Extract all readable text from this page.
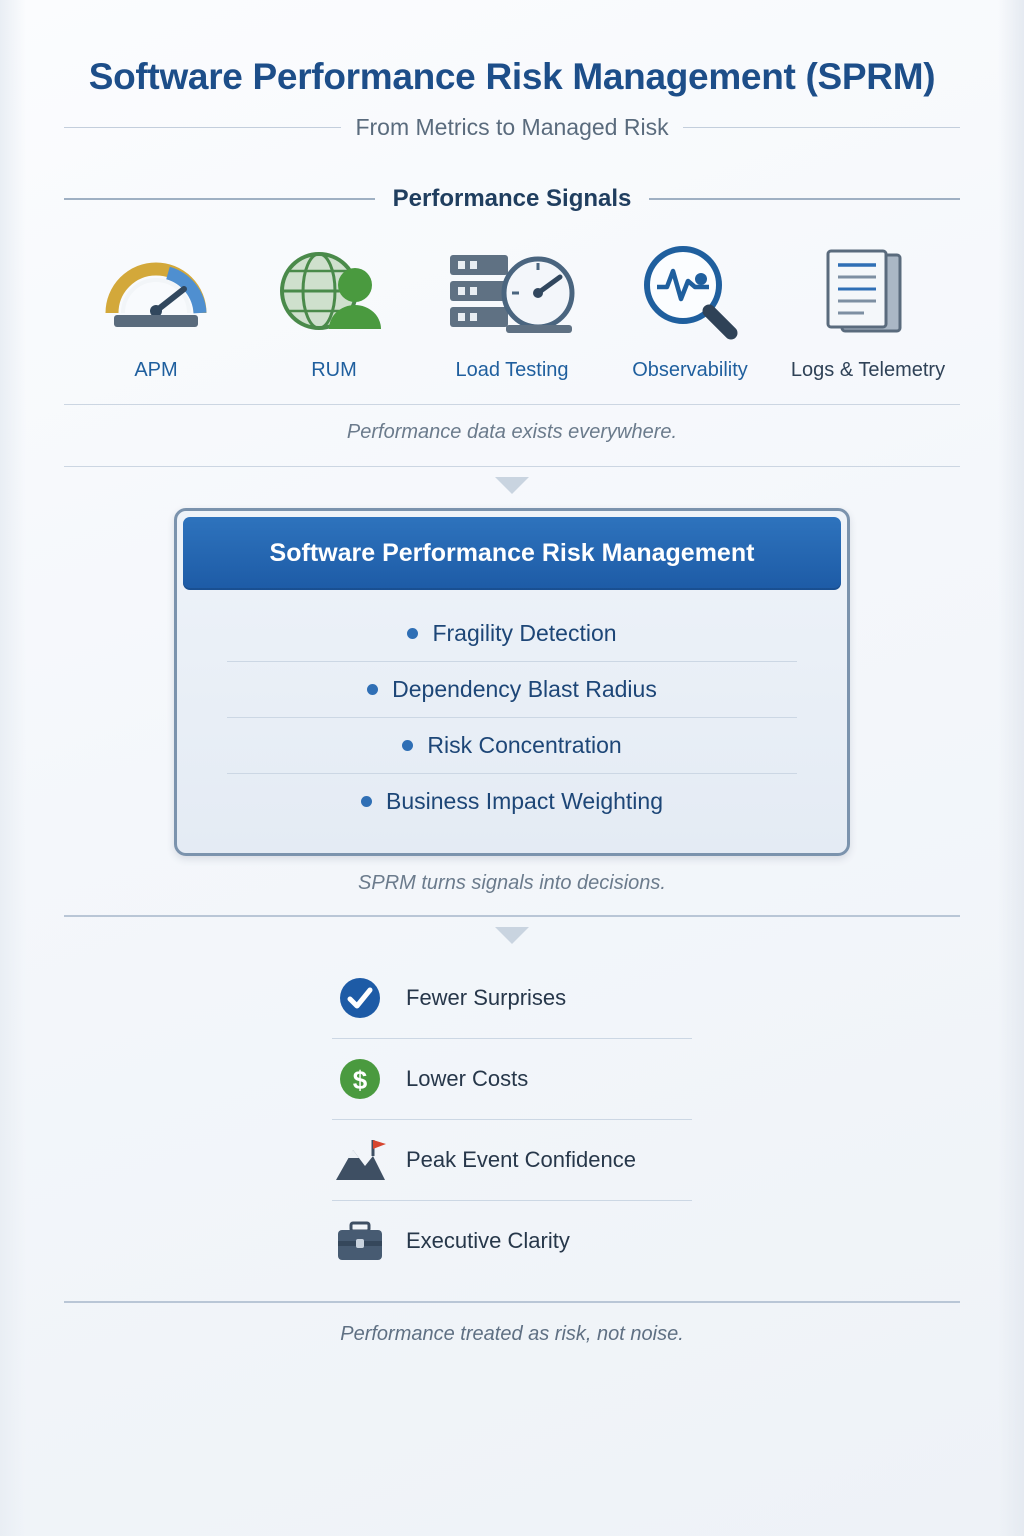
Software Performance Risk Management (SPRM)
From Metrics to Managed Risk
Performance Signals
APM	RUM	Load Testing	Observability	Logs & Telemetry
Performance data exists everywhere.
Software Performance Risk Management
Fragility Detection
Dependency Blast Radius
Risk Concentration
Business Impact Weighting
SPRM turns signals into decisions.
Fewer Surprises
$ Lower Costs
Peak Event Confidence
Executive Clarity
Performance treated as risk, not noise.
